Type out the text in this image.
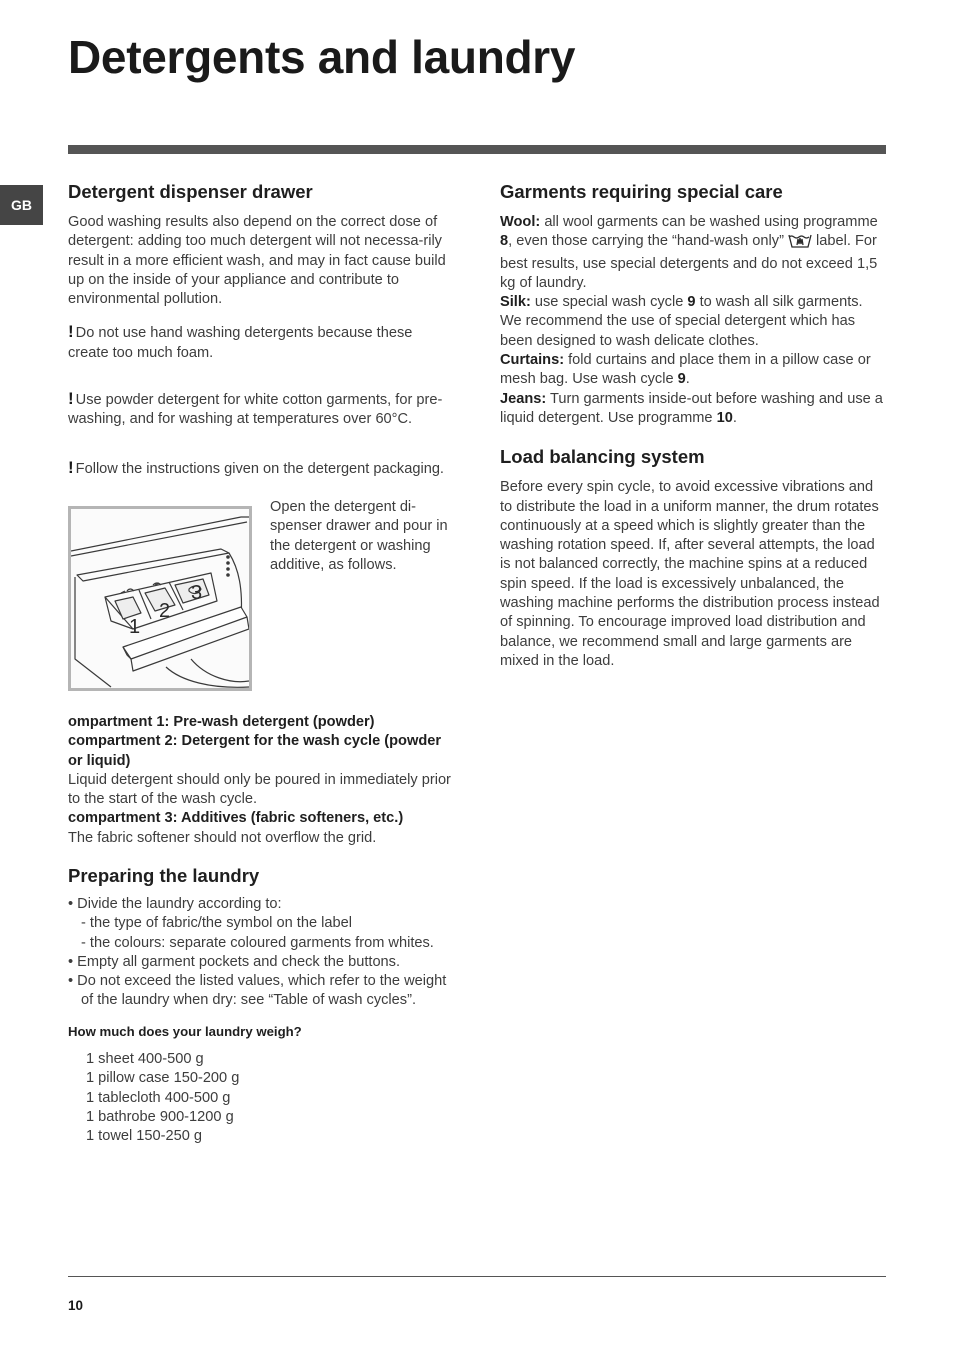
Detergents and laundry
GB
Detergent dispenser drawer

Good washing results also depend on the correct dose of detergent: adding too much detergent will not necessa-rily result in a more efficient wash, and may in fact cause build up on the inside of your appliance and contribute to environmental pollution.

! Do not use hand washing detergents because these create too much foam.

! Use powder detergent for white cotton garments, for pre-washing, and for washing at temperatures over 60°C.

! Follow the instructions given on the detergent packaging.

1
2
3

Open the detergent di-spenser drawer and pour in the detergent or washing additive, as follows.

ompartment 1: Pre-wash detergent (powder)

compartment 2: Detergent for the wash cycle (powder or liquid)

Liquid detergent should only be poured in immediately prior to the start of the wash cycle.

compartment 3: Additives (fabric softeners, etc.)

The fabric softener should not overflow the grid.

Preparing the laundry
• Divide the laundry according to:
- the type of fabric/the symbol on the label
- the colours: separate coloured garments from whites.
• Empty all garment pockets and check the buttons.
• Do not exceed the listed values, which refer to the weight of the laundry when dry: see “Table of wash cycles”.

How much does your laundry weigh?

1 sheet 400-500 g
1 pillow case 150-200 g
1 tablecloth 400-500 g
1 bathrobe 900-1200 g
1 towel 150-250 g
Garments requiring special care

Wool: all wool garments can be washed using programme 8, even those carrying the “hand-wash only”  label. For best results, use special detergents and do not exceed 1,5 kg of laundry.

Silk: use special wash cycle 9 to wash all silk garments. We recommend the use of special detergent which has been designed to wash delicate clothes.

Curtains: fold curtains and place them in a pillow case or mesh bag. Use wash cycle 9.

Jeans: Turn garments inside-out before washing and use a liquid detergent. Use programme 10.

Load balancing system

Before every spin cycle, to avoid excessive vibrations and to distribute the load in a uniform manner, the drum rotates continuously at a speed which is slightly greater than the washing rotation speed. If, after several attempts, the load is not balanced correctly, the machine spins at a reduced spin speed. If the load is excessively unbalanced, the washing machine performs the distribution process instead of spinning. To encourage improved load distribution and balance, we recommend small and large garments are mixed in the load.

10
